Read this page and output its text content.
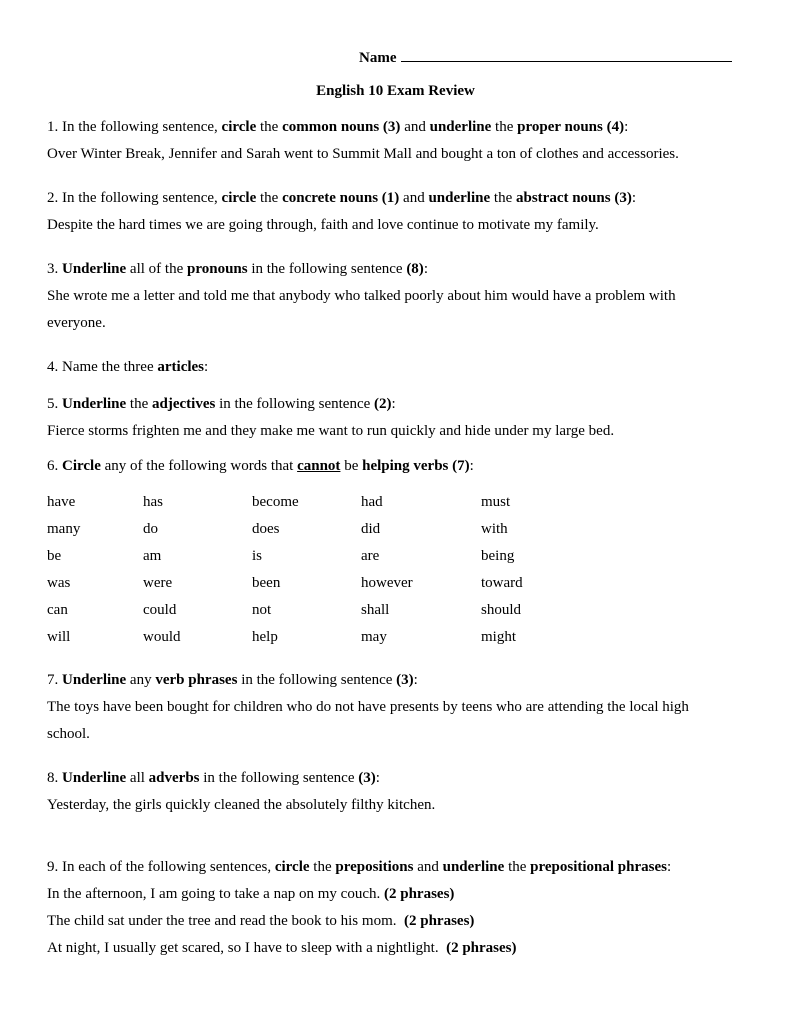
Name
English 10 Exam Review
1. In the following sentence, circle the common nouns (3) and underline the proper nouns (4):
Over Winter Break, Jennifer and Sarah went to Summit Mall and bought a ton of clothes and accessories.
2. In the following sentence, circle the concrete nouns (1) and underline the abstract nouns (3):
Despite the hard times we are going through, faith and love continue to motivate my family.
3. Underline all of the pronouns in the following sentence (8):
She wrote me a letter and told me that anybody who talked poorly about him would have a problem with
everyone.
4. Name the three articles:
5. Underline the adjectives in the following sentence (2):
Fierce storms frighten me and they make me want to run quickly and hide under my large bed.
6. Circle any of the following words that cannot be helping verbs (7):
have	has	become	had	must
many	do	does	did	with
be	am	is	are	being
was	were	been	however	toward
can	could	not	shall	should
will	would	help	may	might
7. Underline any verb phrases in the following sentence (3):
The toys have been bought for children who do not have presents by teens who are attending the local high
school.
8. Underline all adverbs in the following sentence (3):
Yesterday, the girls quickly cleaned the absolutely filthy kitchen.
9. In each of the following sentences, circle the prepositions and underline the prepositional phrases:
In the afternoon, I am going to take a nap on my couch. (2 phrases)
The child sat under the tree and read the book to his mom. (2 phrases)
At night, I usually get scared, so I have to sleep with a nightlight. (2 phrases)
